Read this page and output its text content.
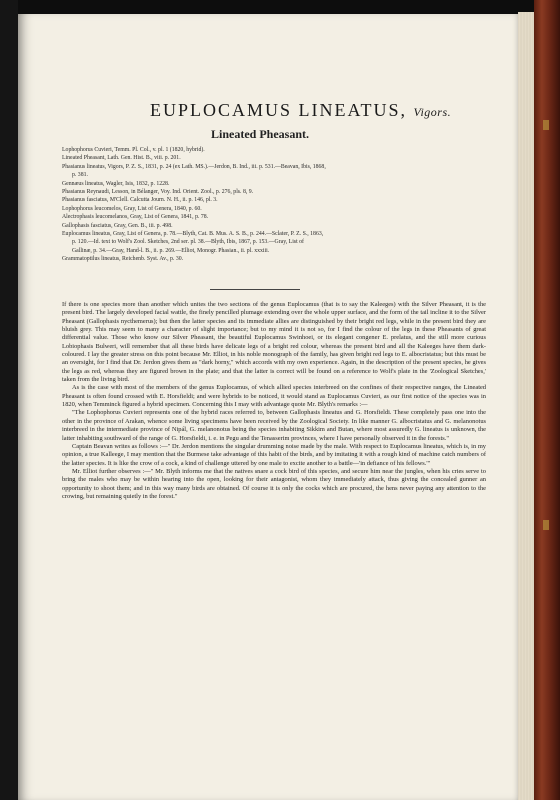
EUPLOCAMUS LINEATUS, Vigors.
Lineated Pheasant.
Lophophorus Cuvieri, Temm. Pl. Col., v. pl. 1 (1820, hybrid).
Lineated Pheasant, Lath. Gen. Hist. B., viii. p. 201.
Phasianus lineatus, Vigors, P. Z. S., 1831, p. 24 (ex Lath. MS.).—Jerdon, B. Ind., iii. p. 531.—Beavan, Ibis, 1868,
p. 381.
Gennæus lineatus, Wagler, Isis, 1832, p. 1228.
Phasianus Reynaudi, Lesson, in Bélanger, Voy. Ind. Orient. Zool., p. 276, pls. 8, 9.
Phasianus fasciatus, M'Clell. Calcutta Journ. N. H., ii. p. 146, pl. 3.
Lophophorus leucomelos, Gray, List of Genera, 1840, p. 60.
Alectrophasis leucomelanos, Gray, List of Genera, 1841, p. 78.
Gallophasis fasciatus, Gray, Gen. B., iii. p. 498.
Euplocamus lineatus, Gray, List of Genera, p. 78.—Blyth, Cat. B. Mus. A. S. B., p. 244.—Sclater, P. Z. S., 1863,
p. 120.—Id. text to Wolf's Zool. Sketches, 2nd ser. pl. 38.—Blyth, Ibis, 1867, p. 153.—Gray, List of
Gallinæ, p. 34.—Gray, Hand-l. B., ii. p. 269.—Elliot, Monogr. Phasian., ii. pl. xxxiii.
Grammatoptilus lineatus, Reichenb. Syst. Av., p. 30.

If there is one species more than another which unites the two sections of the genus Euplocamus (that is to say the Kaleeges) with the Silver Pheasant, it is the present bird. The largely developed facial wattle, the finely pencilled plumage extending over the whole upper surface, and the form of the tail incline it to the Silver Pheasant (Gallophasis nycthemerus); but then the latter species and its immediate allies are distinguished by their bright red legs, while in the present bird they are bluish grey. This may seem to many a character of slight importance; but to my mind it is not so, for I find the colour of the legs in these Pheasants of great differential value. Those who know our Silver Pheasant, the beautiful Euplocamus Swinhoei, or its elegant congener E. prelatus, and the still more curious Lobiophasis Bulweri, will remember that all these birds have delicate legs of a bright red colour, whereas the present bird and all the Kaleeges have them dark-coloured. I lay the greater stress on this point because Mr. Elliot, in his noble monograph of the family, has given bright red legs to E. albocristatus; but this must be an oversight, for I find that Dr. Jerdon gives them as "dark horny," which accords with my own experience. Again, in the description of the present species, he gives the legs as red, whereas they are figured brown in the plate; and that the latter is correct will be found on a reference to Wolf's plate in the 'Zoological Sketches,' taken from the living bird.

As is the case with most of the members of the genus Euplocamus, of which allied species interbreed on the confines of their respective ranges, the Lineated Pheasant is often found crossed with E. Horsfieldi; and were hybrids to be noticed, it would stand as Euplocamus Cuvieri, as our first notice of the species was in 1820, when Temminck figured a hybrid specimen. Concerning this I may with advantage quote Mr. Blyth's remarks :—

"The Lophophorus Cuvieri represents one of the hybrid races referred to, between Gallophasis lineatus and G. Horsfieldi. These completely pass one into the other in the province of Arakan, whence some living specimens have been received by the Zoological Society. In like manner G. albocristatus and G. melanonotus interbreed in the intermediate province of Nipál, G. melanonotus being the species inhabiting Sikkim and Butan, where most assuredly G. lineatus is unknown, the latter inhabiting southward of the range of G. Horsfieldi, i. e. in Pegu and the Tenasserim provinces, where I have personally observed it in the forests."

Captain Beavan writes as follows :—" Dr. Jerdon mentions the singular drumming noise made by the male. With respect to Euplocamus lineatus, which is, in my opinion, a true Kalleege, I may mention that the Burmese take advantage of this habit of the birds, and by imitating it with a rough kind of machine catch numbers of the latter species. It is like the crow of a cock, a kind of challenge uttered by one male to excite another to a battle—'in defiance of his fellows.'"

Mr. Elliot further observes :—" Mr. Blyth informs me that the natives snare a cock bird of this species, and secure him near the jungles, when his cries serve to bring the males who may be within hearing into the open, looking for their antagonist, whom they immediately attack, thus giving the concealed gunner an opportunity to shoot them; and in this way many birds are obtained. Of course it is only the cocks which are procured, the hens never paying any attention to the crowing, but remaining quietly in the forest."
